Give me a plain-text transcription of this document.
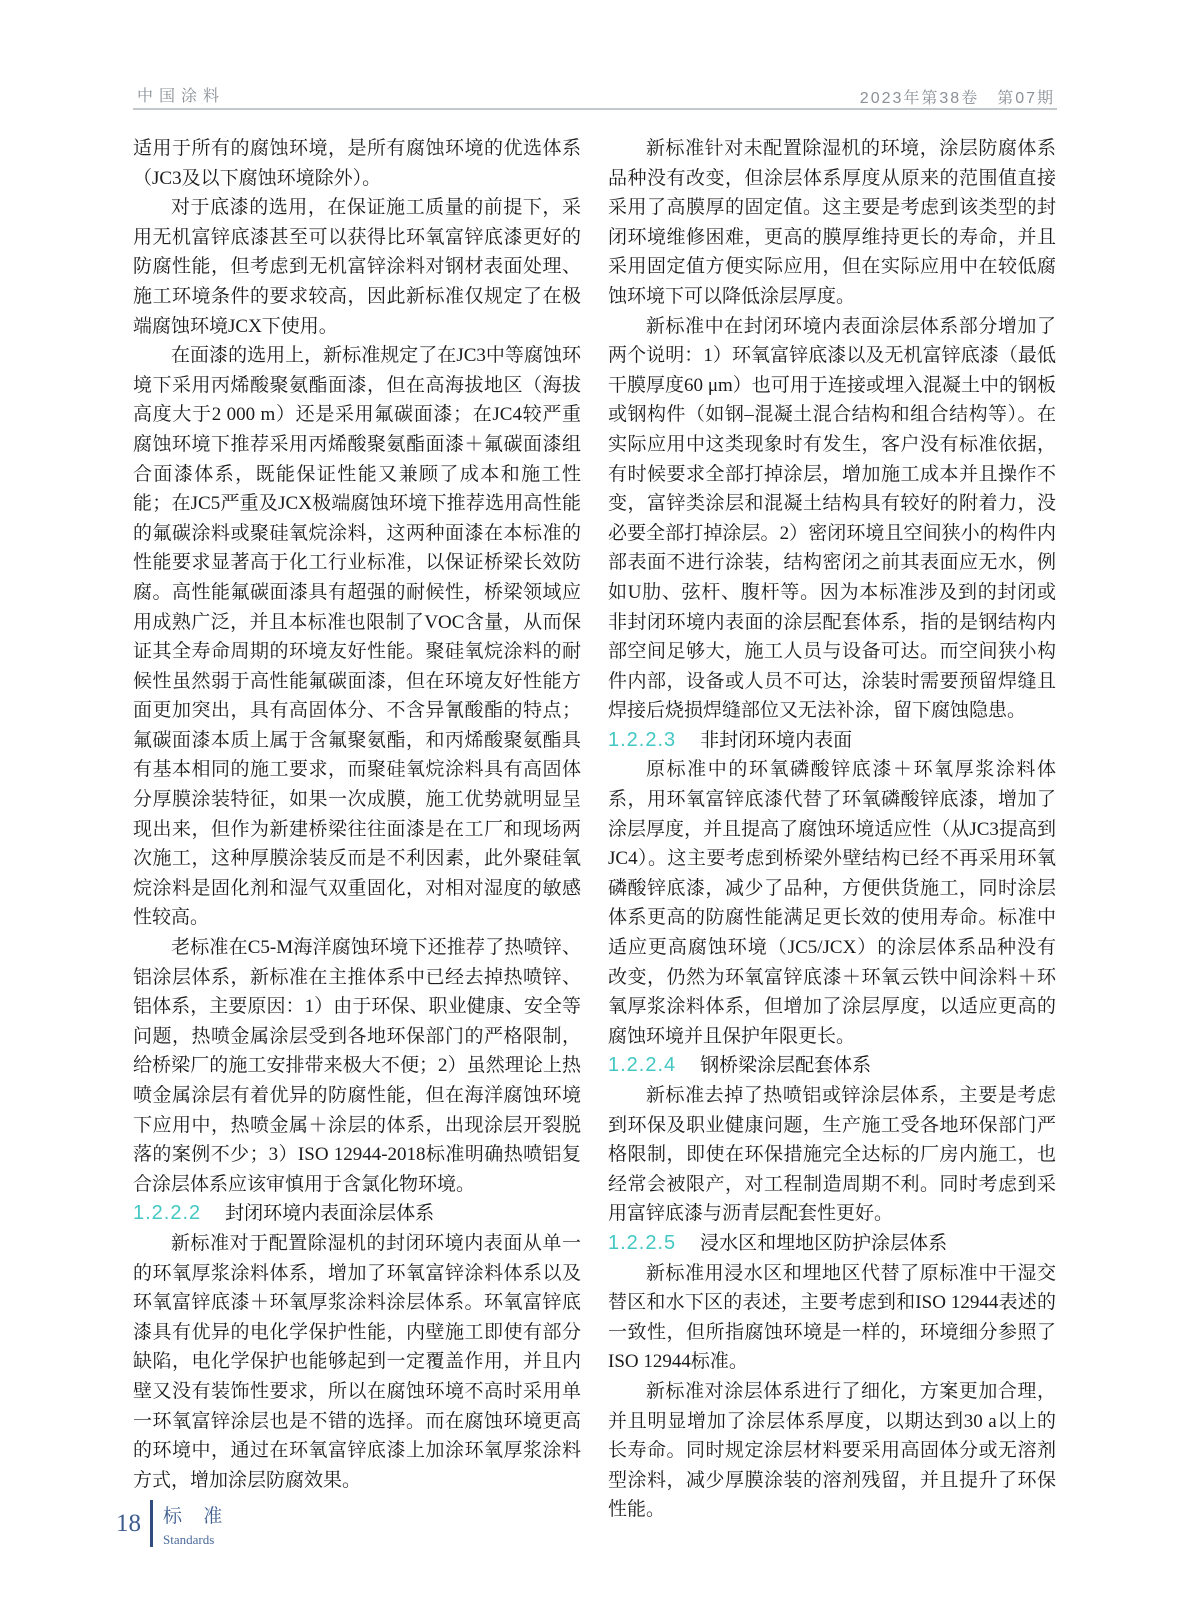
中国涂料	2023年第38卷　第07期

适用于所有的腐蚀环境，是所有腐蚀环境的优选体系（JC3及以下腐蚀环境除外）。

对于底漆的选用，在保证施工质量的前提下，采用无机富锌底漆甚至可以获得比环氧富锌底漆更好的防腐性能，但考虑到无机富锌涂料对钢材表面处理、施工环境条件的要求较高，因此新标准仅规定了在极端腐蚀环境JCX下使用。

在面漆的选用上，新标准规定了在JC3中等腐蚀环境下采用丙烯酸聚氨酯面漆，但在高海拔地区（海拔高度大于2 000 m）还是采用氟碳面漆；在JC4较严重腐蚀环境下推荐采用丙烯酸聚氨酯面漆＋氟碳面漆组合面漆体系，既能保证性能又兼顾了成本和施工性能；在JC5严重及JCX极端腐蚀环境下推荐选用高性能的氟碳涂料或聚硅氧烷涂料，这两种面漆在本标准的性能要求显著高于化工行业标准，以保证桥梁长效防腐。高性能氟碳面漆具有超强的耐候性，桥梁领域应用成熟广泛，并且本标准也限制了VOC含量，从而保证其全寿命周期的环境友好性能。聚硅氧烷涂料的耐候性虽然弱于高性能氟碳面漆，但在环境友好性能方面更加突出，具有高固体分、不含异氰酸酯的特点；氟碳面漆本质上属于含氟聚氨酯，和丙烯酸聚氨酯具有基本相同的施工要求，而聚硅氧烷涂料具有高固体分厚膜涂装特征，如果一次成膜，施工优势就明显呈现出来，但作为新建桥梁往往面漆是在工厂和现场两次施工，这种厚膜涂装反而是不利因素，此外聚硅氧烷涂料是固化剂和湿气双重固化，对相对湿度的敏感性较高。

老标准在C5-M海洋腐蚀环境下还推荐了热喷锌、铝涂层体系，新标准在主推体系中已经去掉热喷锌、铝体系，主要原因：1）由于环保、职业健康、安全等问题，热喷金属涂层受到各地环保部门的严格限制，给桥梁厂的施工安排带来极大不便；2）虽然理论上热喷金属涂层有着优异的防腐性能，但在海洋腐蚀环境下应用中，热喷金属＋涂层的体系，出现涂层开裂脱落的案例不少；3）ISO 12944-2018标准明确热喷铝复合涂层体系应该审慎用于含氯化物环境。

1.2.2.2 封闭环境内表面涂层体系

新标准对于配置除湿机的封闭环境内表面从单一的环氧厚浆涂料体系，增加了环氧富锌涂料体系以及环氧富锌底漆＋环氧厚浆涂料涂层体系。环氧富锌底漆具有优异的电化学保护性能，内壁施工即使有部分缺陷，电化学保护也能够起到一定覆盖作用，并且内壁又没有装饰性要求，所以在腐蚀环境不高时采用单一环氧富锌涂层也是不错的选择。而在腐蚀环境更高的环境中，通过在环氧富锌底漆上加涂环氧厚浆涂料方式，增加涂层防腐效果。

新标准针对未配置除湿机的环境，涂层防腐体系品种没有改变，但涂层体系厚度从原来的范围值直接采用了高膜厚的固定值。这主要是考虑到该类型的封闭环境维修困难，更高的膜厚维持更长的寿命，并且采用固定值方便实际应用，但在实际应用中在较低腐蚀环境下可以降低涂层厚度。

新标准中在封闭环境内表面涂层体系部分增加了两个说明：1）环氧富锌底漆以及无机富锌底漆（最低干膜厚度60 μm）也可用于连接或埋入混凝土中的钢板或钢构件（如钢–混凝土混合结构和组合结构等）。在实际应用中这类现象时有发生，客户没有标准依据，有时候要求全部打掉涂层，增加施工成本并且操作不变，富锌类涂层和混凝土结构具有较好的附着力，没必要全部打掉涂层。2）密闭环境且空间狭小的构件内部表面不进行涂装，结构密闭之前其表面应无水，例如U肋、弦杆、腹杆等。因为本标准涉及到的封闭或非封闭环境内表面的涂层配套体系，指的是钢结构内部空间足够大，施工人员与设备可达。而空间狭小构件内部，设备或人员不可达，涂装时需要预留焊缝且焊接后烧损焊缝部位又无法补涂，留下腐蚀隐患。

1.2.2.3 非封闭环境内表面

原标准中的环氧磷酸锌底漆＋环氧厚浆涂料体系，用环氧富锌底漆代替了环氧磷酸锌底漆，增加了涂层厚度，并且提高了腐蚀环境适应性（从JC3提高到JC4）。这主要考虑到桥梁外壁结构已经不再采用环氧磷酸锌底漆，减少了品种，方便供货施工，同时涂层体系更高的防腐性能满足更长效的使用寿命。标准中适应更高腐蚀环境（JC5/JCX）的涂层体系品种没有改变，仍然为环氧富锌底漆＋环氧云铁中间涂料＋环氧厚浆涂料体系，但增加了涂层厚度，以适应更高的腐蚀环境并且保护年限更长。

1.2.2.4 钢桥梁涂层配套体系

新标准去掉了热喷铝或锌涂层体系，主要是考虑到环保及职业健康问题，生产施工受各地环保部门严格限制，即使在环保措施完全达标的厂房内施工，也经常会被限产，对工程制造周期不利。同时考虑到采用富锌底漆与沥青层配套性更好。

1.2.2.5 浸水区和埋地区防护涂层体系

新标准用浸水区和埋地区代替了原标准中干湿交替区和水下区的表述，主要考虑到和ISO 12944表述的一致性，但所指腐蚀环境是一样的，环境细分参照了ISO 12944标准。

新标准对涂层体系进行了细化，方案更加合理，并且明显增加了涂层体系厚度，以期达到30 a以上的长寿命。同时规定涂层材料要采用高固体分或无溶剂型涂料，减少厚膜涂装的溶剂残留，并且提升了环保性能。

18 标 准
Standards
